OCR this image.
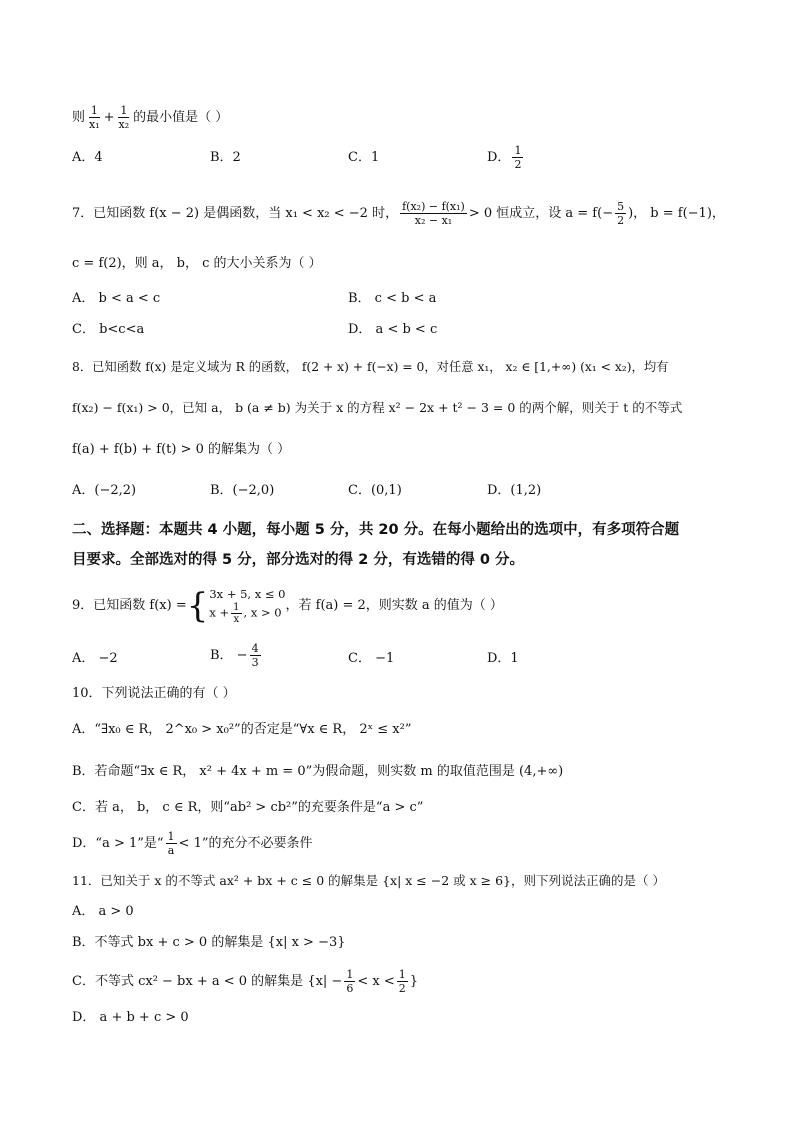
则 $\frac{1}{\text{x₁}} + \frac{1}{\text{x₂}}$ 的最小值是（ ）
A．4	B．2	C．1	D． $\frac{1}{2}$
7．已知函数 f(x − 2) 是偶函数，当 x₁ < x₂ < −2 时， $\frac{\text{f(x₂) − f(x₁)}}{\text{x₂ − x₁}} > 0$ 恒成立，设 $a = f(- \frac{5}{2}$ )， b = f(−1)，
c = f(2)，则 a， b， c 的大小关系为（ ）
A． b < a < c	B． c < b < a
C． b<c<a	D． a < b < c
8．已知函数 f(x) 是定义域为 R 的函数， f(2 + x) + f(−x) = 0，对任意 x₁， x₂ ∈ [1,+∞) (x₁ < x₂)，均有
f(x₂) − f(x₁) > 0，已知 a， b (a ≠ b) 为关于 x 的方程 x² − 2x + t² − 3 = 0 的两个解，则关于 t 的不等式
f(a) + f(b) + f(t) > 0 的解集为（ ）
A．(−2,2)	B．(−2,0)	C．(0,1)	D．(1,2)
二、选择题：本题共 4 小题，每小题 5 分，共 20 分。在每小题给出的选项中，有多项符合题
目要求。全部选对的得 5 分，部分选对的得 2 分，有选错的得 0 分。
9．已知函数 f(x) = { 3x + 5, x ≤ 0
$x + \frac{1}{x}$ , x > 0 ，若 f(a) = 2，则实数 a 的值为（ ）
A． −2	B． − $\frac{4}{3}$	C． −1	D．1
10．下列说法正确的有（ ）
A．“∃x₀ ∈ R， 2^x₀ > x₀²”的否定是“∀x ∈ R， 2ˣ ≤ x²”
B．若命题“∃x ∈ R， x² + 4x + m = 0”为假命题，则实数 m 的取值范围是 (4,+∞)
C．若 a， b， c ∈ R，则“ab² > cb²”的充要条件是“a > c”
D．“a > 1”是“ $\frac{1}{a} < 1$”的充分不必要条件
11．已知关于 x 的不等式 ax² + bx + c ≤ 0 的解集是 {x| x ≤ −2 或 x ≥ 6}，则下列说法正确的是（ ）
A． a > 0
B．不等式 bx + c > 0 的解集是 {x| x > −3}
C．不等式 cx² − bx + a < 0 的解集是 {$x| - \frac{1}{6} < x < \frac{1}{2}$ }
D． a + b + c > 0
